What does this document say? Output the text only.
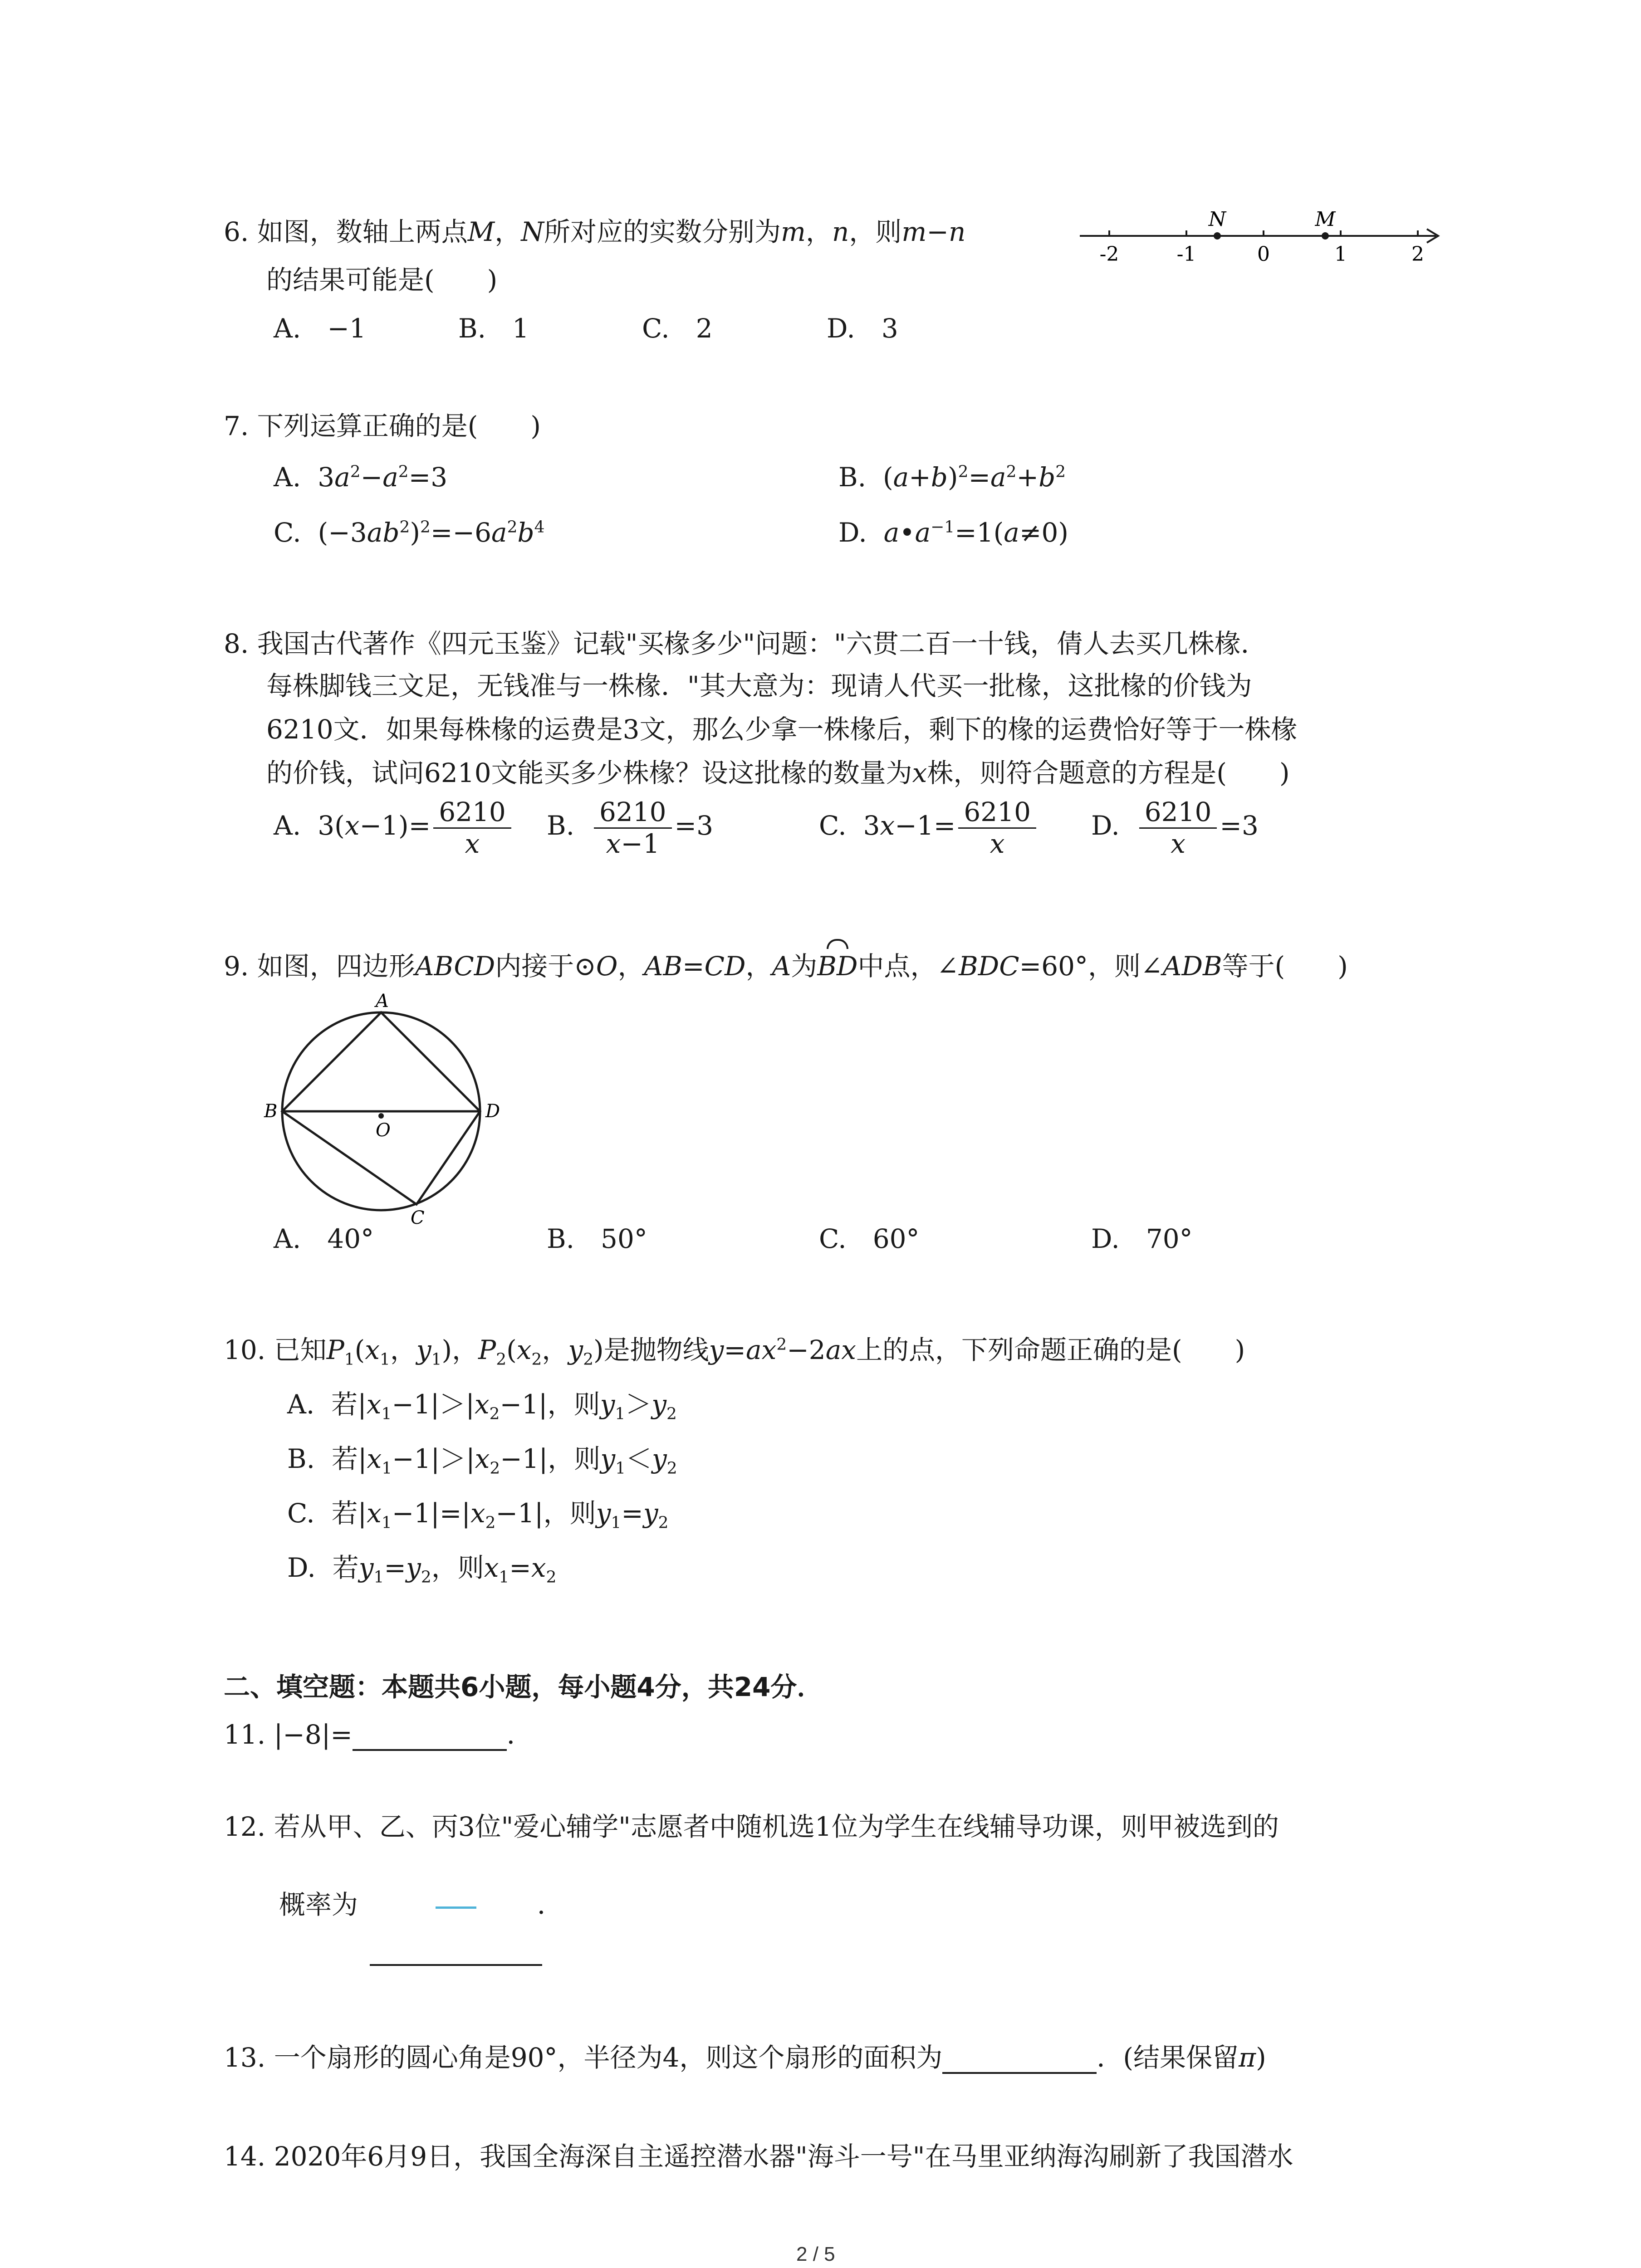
6. 如图，数轴上两点M，N所对应的实数分别为m，n，则m−n
的结果可能是(　　)
A.　−1	B.　1	C.　2	D.　3
-2	-1	0	1	2
N	M
7. 下列运算正确的是(　　)
A. $3a^2-a^2=3$	B. $(a+b)^2=a^2+b^2$
C. $(-3ab^2)^2=-6a^2b^4$	D. $a•a^{-1}=1(a\ne 0)$
8. 我国古代著作《四元玉鉴》记载"买椽多少"问题："六贯二百一十钱，倩人去买几株椽．
每株脚钱三文足，无钱准与一株椽．"其大意为：现请人代买一批椽，这批椽的价钱为
6210文．如果每株椽的运费是3文，那么少拿一株椽后，剩下的椽的运费恰好等于一株椽
的价钱，试问6210文能买多少株椽？设这批椽的数量为x株，则符合题意的方程是(　　)
A. $3(x-1)= \frac{6210}{x} B$. $\frac{6210}{x-1} =3$	C. $3x-1= \frac{6210}{x} D$. $\frac{6210}{x} =3$
9. 如图，四边形ABCD内接于⊙O，AB=CD，A为BD中点，∠BDC=60°，则∠ADB等于(　　)
A
B
C
D
O
A.　40°	B.　50°	C.　60°	D.　70°
10. 已知$P_1(x_1$，$y_1$)，$P_2(x_2$，$y_2$)是抛物线$y=ax^2-2ax$上的点，下列命题正确的是(　　)
A. 若$|x_1-1|>|x_2-1|$，则$y_1>y_2$
B. 若$|x_1-1|>|x_2-1|$，则$y_1<y_2$
C. 若$|x_1-1|=|x_2-1|$，则$y_1=y_2$
D. 若$y_1=y_2$，则$x_1=x_2$
二、填空题：本题共6小题，每小题4分，共24分．
11. |−8|=	．
12. 若从甲、乙、丙3位"爱心辅学"志愿者中随机选1位为学生在线辅导功课，则甲被选到的
概率为	．
13. 一个扇形的圆心角是90°，半径为4，则这个扇形的面积为	．(结果保留π)
14. 2020年6月9日，我国全海深自主遥控潜水器"海斗一号"在马里亚纳海沟刷新了我国潜水
2 / 5
